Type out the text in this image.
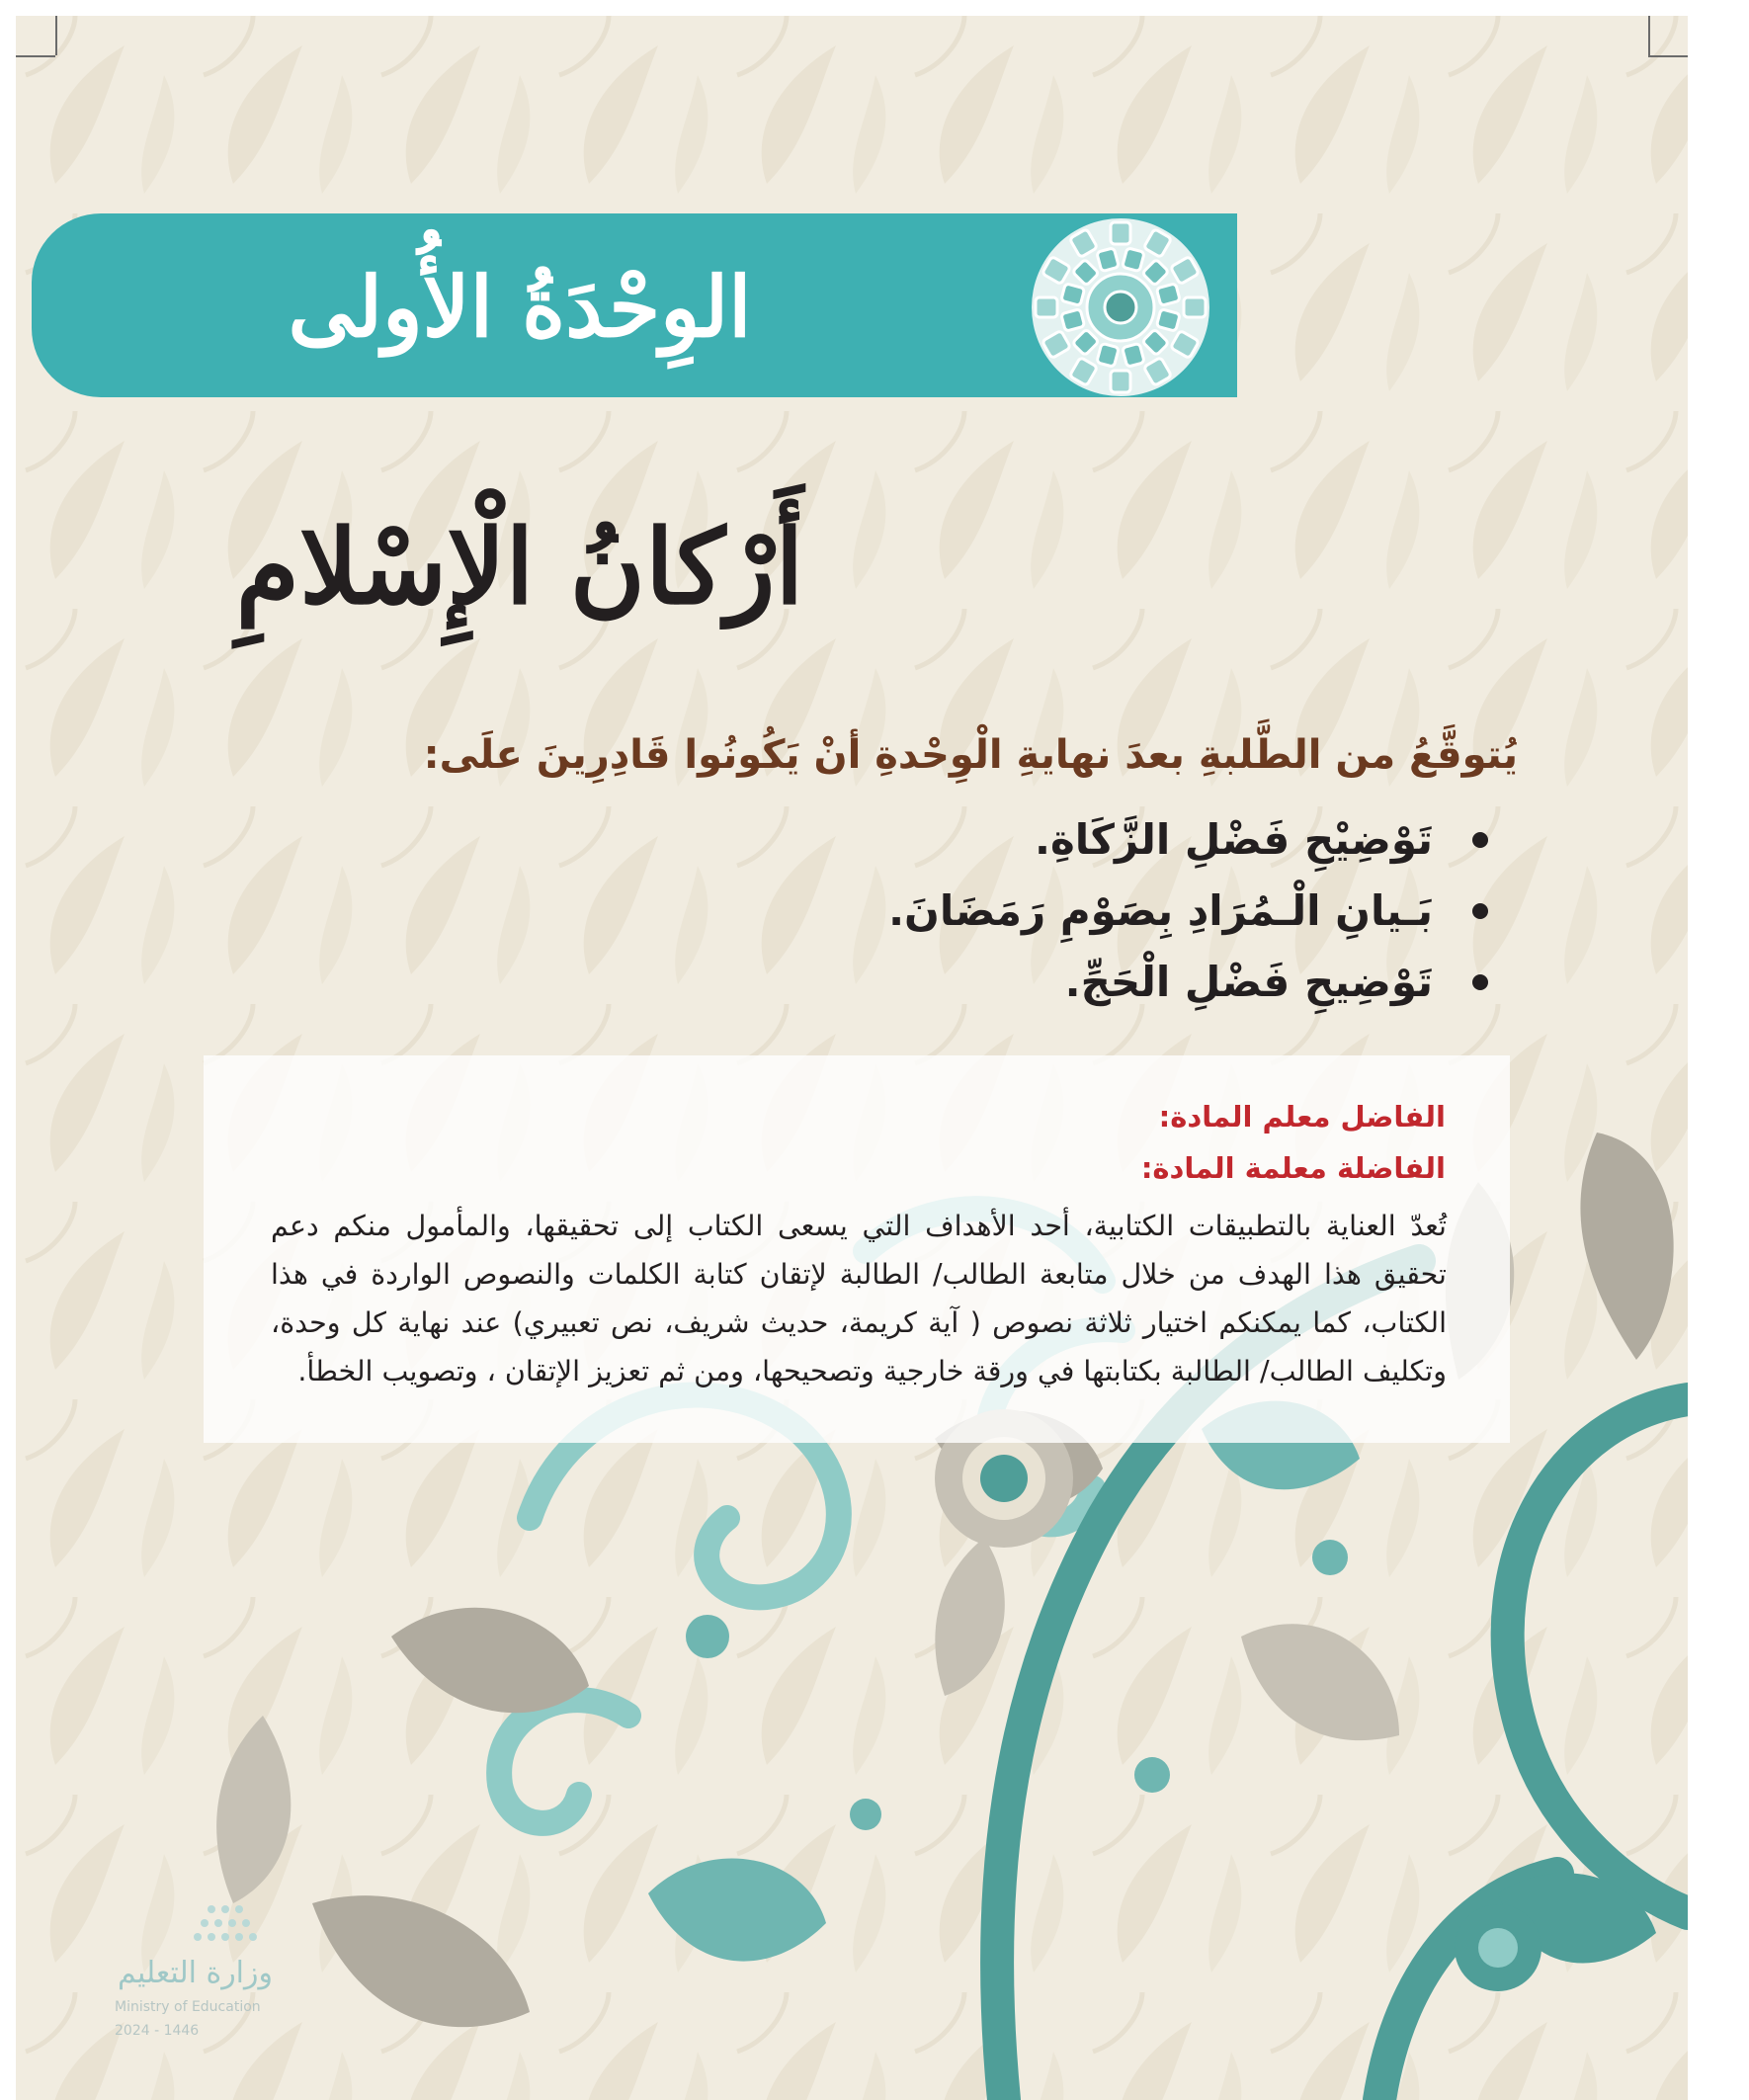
الوِحْدَةُ الأُولى
أَرْكانُ الْإِسْلامِ
يُتوقَّعُ من الطَّلبةِ بعدَ نهايةِ الْوِحْدةِ أنْ يَكُونُوا قَادِرِينَ علَى:
تَوْضِيْحِ فَضْلِ الزَّكَاةِ.
بَـيانِ الْـمُرَادِ بِصَوْمِ رَمَضَانَ.
تَوْضِيحِ فَضْلِ الْحَجِّ.
الفاضل معلم المادة:
الفاضلة معلمة المادة:

تُعدّ العناية بالتطبيقات الكتابية، أحد الأهداف التي يسعى الكتاب إلى تحقيقها، والمأمول منكم دعم تحقيق هذا الهدف من خلال متابعة الطالب/ الطالبة لإتقان كتابة الكلمات والنصوص الواردة في هذا الكتاب، كما يمكنكم اختيار ثلاثة نصوص ( آية كريمة، حديث شريف، نص تعبيري) عند نهاية كل وحدة، وتكليف الطالب/ الطالبة بكتابتها في ورقة خارجية وتصحيحها، ومن ثم تعزيز الإتقان ، وتصويب الخطأ.

وزارة التعليم
Ministry of Education
2024 - 1446
